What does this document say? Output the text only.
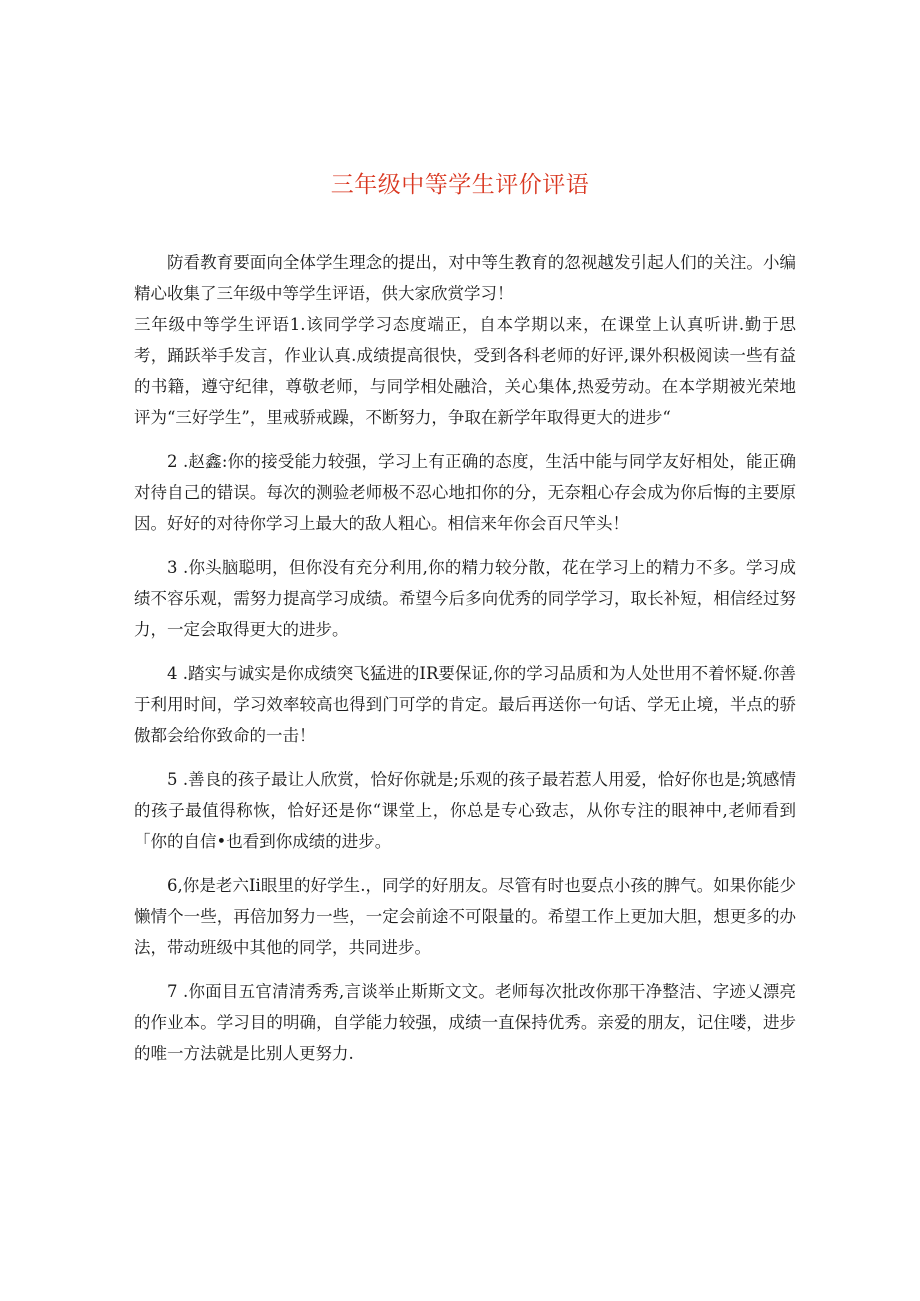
三年级中等学生评价评语

防看教育要面向全体学生理念的提出，对中等生教育的忽视越发引起人们的关注。小编精心收集了三年级中等学生评语，供大家欣赏学习！

三年级中等学生评语1.该同学学习态度端正，自本学期以来，在课堂上认真听讲.勤于思考，踊跃举手发言，作业认真.成绩提高很快，受到各科老师的好评,课外积极阅读一些有益的书籍，遵守纪律，尊敬老师，与同学相处融洽，关心集体,热爱劳动。在本学期被光荣地评为“三好学生”，里戒骄戒躁，不断努力，争取在新学年取得更大的进步“

2 .赵鑫:你的接受能力较强，学习上有正确的态度，生活中能与同学友好相处，能正确对待自己的错误。每次的测验老师极不忍心地扣你的分，无奈粗心存会成为你后悔的主要原因。好好的对待你学习上最大的敌人粗心。相信来年你会百尺竿头！

3 .你头脑聪明，但你没有充分利用,你的精力较分散，花在学习上的精力不多。学习成绩不容乐观，需努力提高学习成绩。希望今后多向优秀的同学学习，取长补短，相信经过努力，一定会取得更大的进步。

4 .踏实与诚实是你成绩突飞猛进的IR要保证,你的学习品质和为人处世用不着怀疑.你善于利用时间，学习效率较高也得到门可学的肯定。最后再送你一句话、学无止境，半点的骄傲都会给你致命的一击！

5 .善良的孩子最让人欣赏，恰好你就是;乐观的孩子最若惹人用爱，恰好你也是;筑感情的孩子最值得称恢，恰好还是你“课堂上，你总是专心致志，从你专注的眼神中,老师看到「你的自信•也看到你成绩的进步。

6,你是老六Ii眼里的好学生.，同学的好朋友。尽管有时也耍点小孩的脾气。如果你能少懒情个一些，再倍加努力一些，一定会前途不可限量的。希望工作上更加大胆，想更多的办法，带动班级中其他的同学，共同进步。

7 .你面目五官清清秀秀,言谈举止斯斯文文。老师每次批改你那干净整洁、字迹乂漂亮的作业本。学习目的明确，自学能力较强，成绩一直保持优秀。亲爱的朋友，记住喽，进步的唯一方法就是比别人更努力.
